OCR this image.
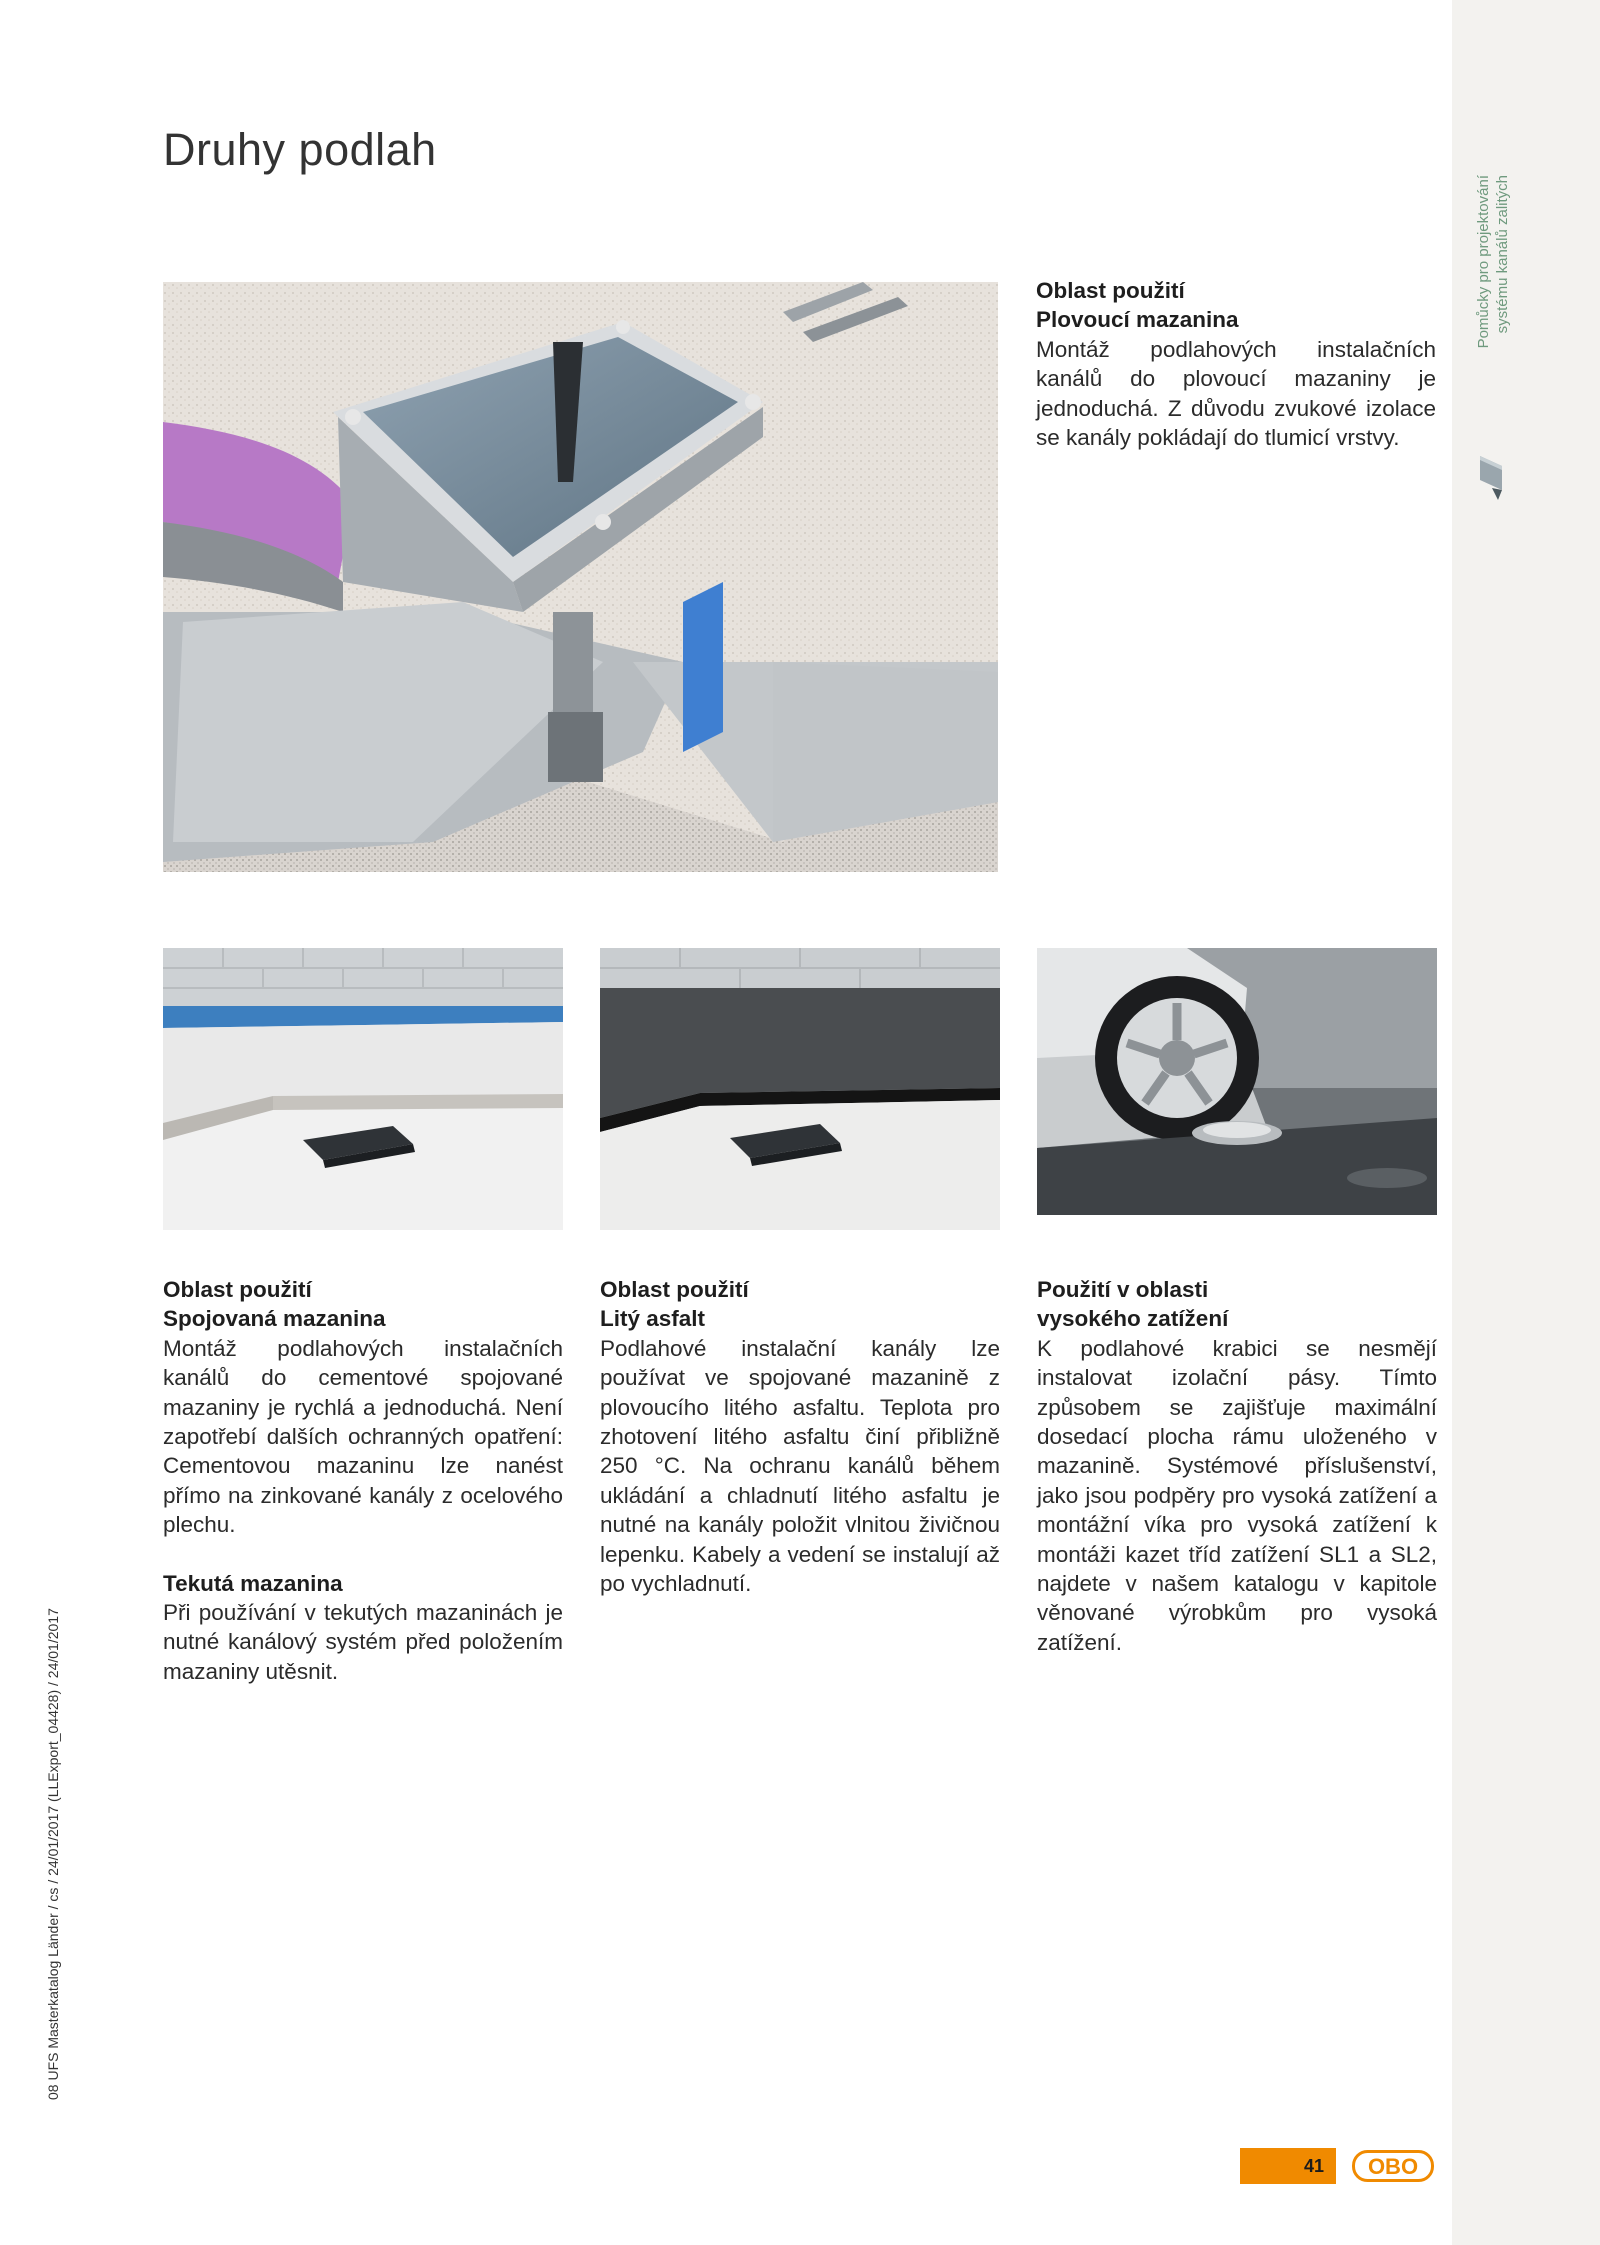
Pomůcky pro projektování systému kanálů zalitých
08 UFS Masterkatalog Länder / cs / 24/01/2017 (LLExport_04428) / 24/01/2017
Druhy podlah
Oblast použití
Plovoucí mazanina

Montáž podlahových instalačních kanálů do plovoucí mazaniny je jednoduchá. Z důvodu zvukové izolace se kanály pokládají do tlumicí vrstvy.

Oblast použití
Spojovaná mazanina

Montáž podlahových instalačních kanálů do cementové spojované mazaniny je rychlá a jednoduchá. Není zapotřebí dalších ochranných opatření: Cementovou mazaninu lze nanést přímo na zinkované kanály z ocelového plechu.

Tekutá mazanina

Při používání v tekutých mazaninách je nutné kanálový systém před položením mazaniny utěsnit.

Oblast použití
Litý asfalt

Podlahové instalační kanály lze používat ve spojované mazanině z plovoucího litého asfaltu. Teplota pro zhotovení litého asfaltu činí přibližně 250 °C. Na ochranu kanálů během ukládání a chladnutí litého asfaltu je nutné na kanály položit vlnitou živičnou lepenku. Kabely a vedení se instalují až po vychladnutí.

Použití v oblasti
vysokého zatížení

K podlahové krabici se nesmějí instalovat izolační pásy. Tímto způsobem se zajišťuje maximální dosedací plocha rámu uloženého v mazanině. Systémové příslušenství, jako jsou podpěry pro vysoká zatížení a montážní víka pro vysoká zatížení k montáži kazet tříd zatížení SL1 a SL2, najdete v našem katalogu v kapitole věnované výrobkům pro vysoká zatížení.

41	OBO
